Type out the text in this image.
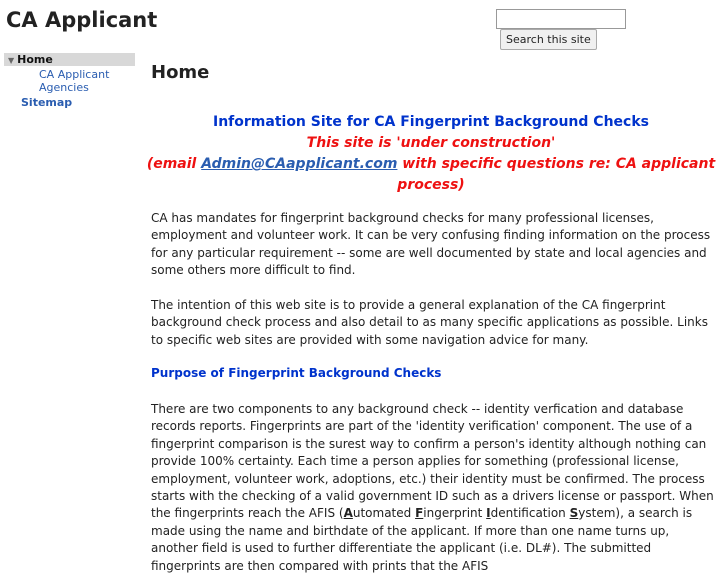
CA Applicant
Search this site
▼ Home
CA Applicant
Agencies
Sitemap
Home
Information Site for CA Fingerprint Background Checks
This site is 'under construction'
(email Admin@CAapplicant.com with specific questions re: CA applicant
process)

CA has mandates for fingerprint background checks for many professional licenses, employment and volunteer work. It can be very confusing finding information on the process for any particular requirement -- some are well documented by state and local agencies and some others more difficult to find.

The intention of this web site is to provide a general explanation of the CA fingerprint background check process and also detail to as many specific applications as possible. Links to specific web sites are provided with some navigation advice for many.

Purpose of Fingerprint Background Checks

There are two components to any background check -- identity verfication and database records reports. Fingerprints are part of the 'identity verification' component. The use of a fingerprint comparison is the surest way to confirm a person's identity although nothing can provide 100% certainty. Each time a person applies for something (professional license, employment, volunteer work, adoptions, etc.) their identity must be confirmed. The process starts with the checking of a valid government ID such as a drivers license or passport. When the fingerprints reach the AFIS (Automated Fingerprint Identification System), a search is made using the name and birthdate of the applicant. If more than one name turns up, another field is used to further differentiate the applicant (i.e. DL#). The submitted fingerprints are then compared with prints that the AFIS
